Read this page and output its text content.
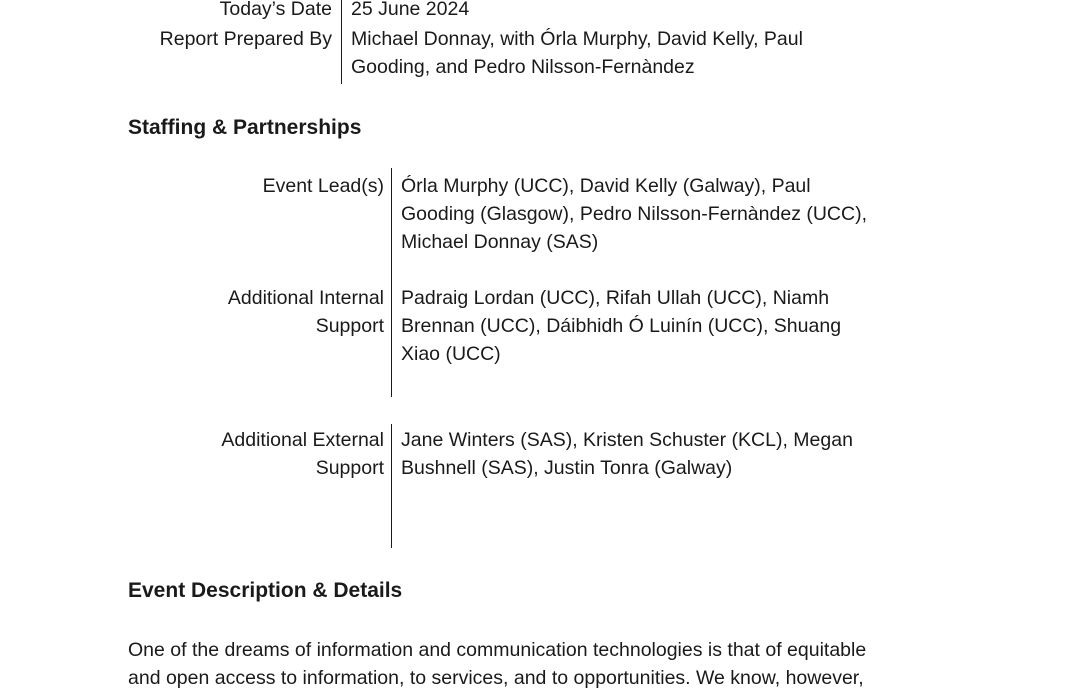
Today’s Date 25 June 2024
Report Prepared By Michael Donnay, with Órla Murphy, David Kelly, Paul
Gooding, and Pedro Nilsson-Fernàndez
Staffing & Partnerships
Event Lead(s) Órla Murphy (UCC), David Kelly (Galway), Paul
Gooding (Glasgow), Pedro Nilsson-Fernàndez (UCC),
Michael Donnay (SAS)
Additional Internal
Support
Padraig Lordan (UCC), Rifah Ullah (UCC), Niamh
Brennan (UCC), Dáibhidh Ó Luinín (UCC), Shuang
Xiao (UCC)
Additional External
Support
Jane Winters (SAS), Kristen Schuster (KCL), Megan
Bushnell (SAS), Justin Tonra (Galway)
Event Description & Details
One of the dreams of information and communication technologies is that of equitable
and open access to information, to services, and to opportunities. We know, however,
